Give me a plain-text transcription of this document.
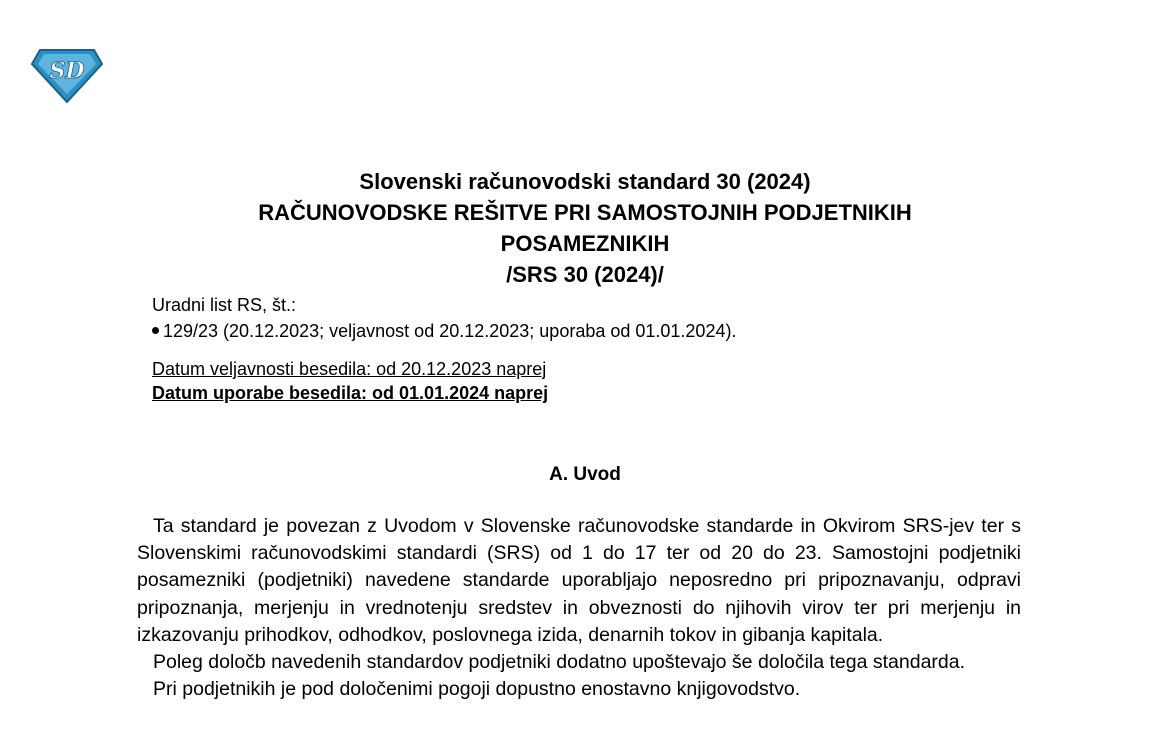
SD
Slovenski računovodski standard 30 (2024)
RAČUNOVODSKE REŠITVE PRI SAMOSTOJNIH PODJETNIKIH
POSAMEZNIKIH
/SRS 30 (2024)/
Uradni list RS, št.:
129/23 (20.12.2023; veljavnost od 20.12.2023; uporaba od 01.01.2024).
Datum veljavnosti besedila: od 20.12.2023 naprej
Datum uporabe besedila: od 01.01.2024 naprej
A. Uvod

Ta standard je povezan z Uvodom v Slovenske računovodske standarde in Okvirom SRS-jev ter s Slovenskimi računovodskimi standardi (SRS) od 1 do 17 ter od 20 do 23. Samostojni podjetniki posamezniki (podjetniki) navedene standarde uporabljajo neposredno pri pripoznavanju, odpravi pripoznanja, merjenju in vrednotenju sredstev in obveznosti do njihovih virov ter pri merjenju in izkazovanju prihodkov, odhodkov, poslovnega izida, denarnih tokov in gibanja kapitala.

Poleg določb navedenih standardov podjetniki dodatno upoštevajo še določila tega standarda.

Pri podjetnikih je pod določenimi pogoji dopustno enostavno knjigovodstvo.
